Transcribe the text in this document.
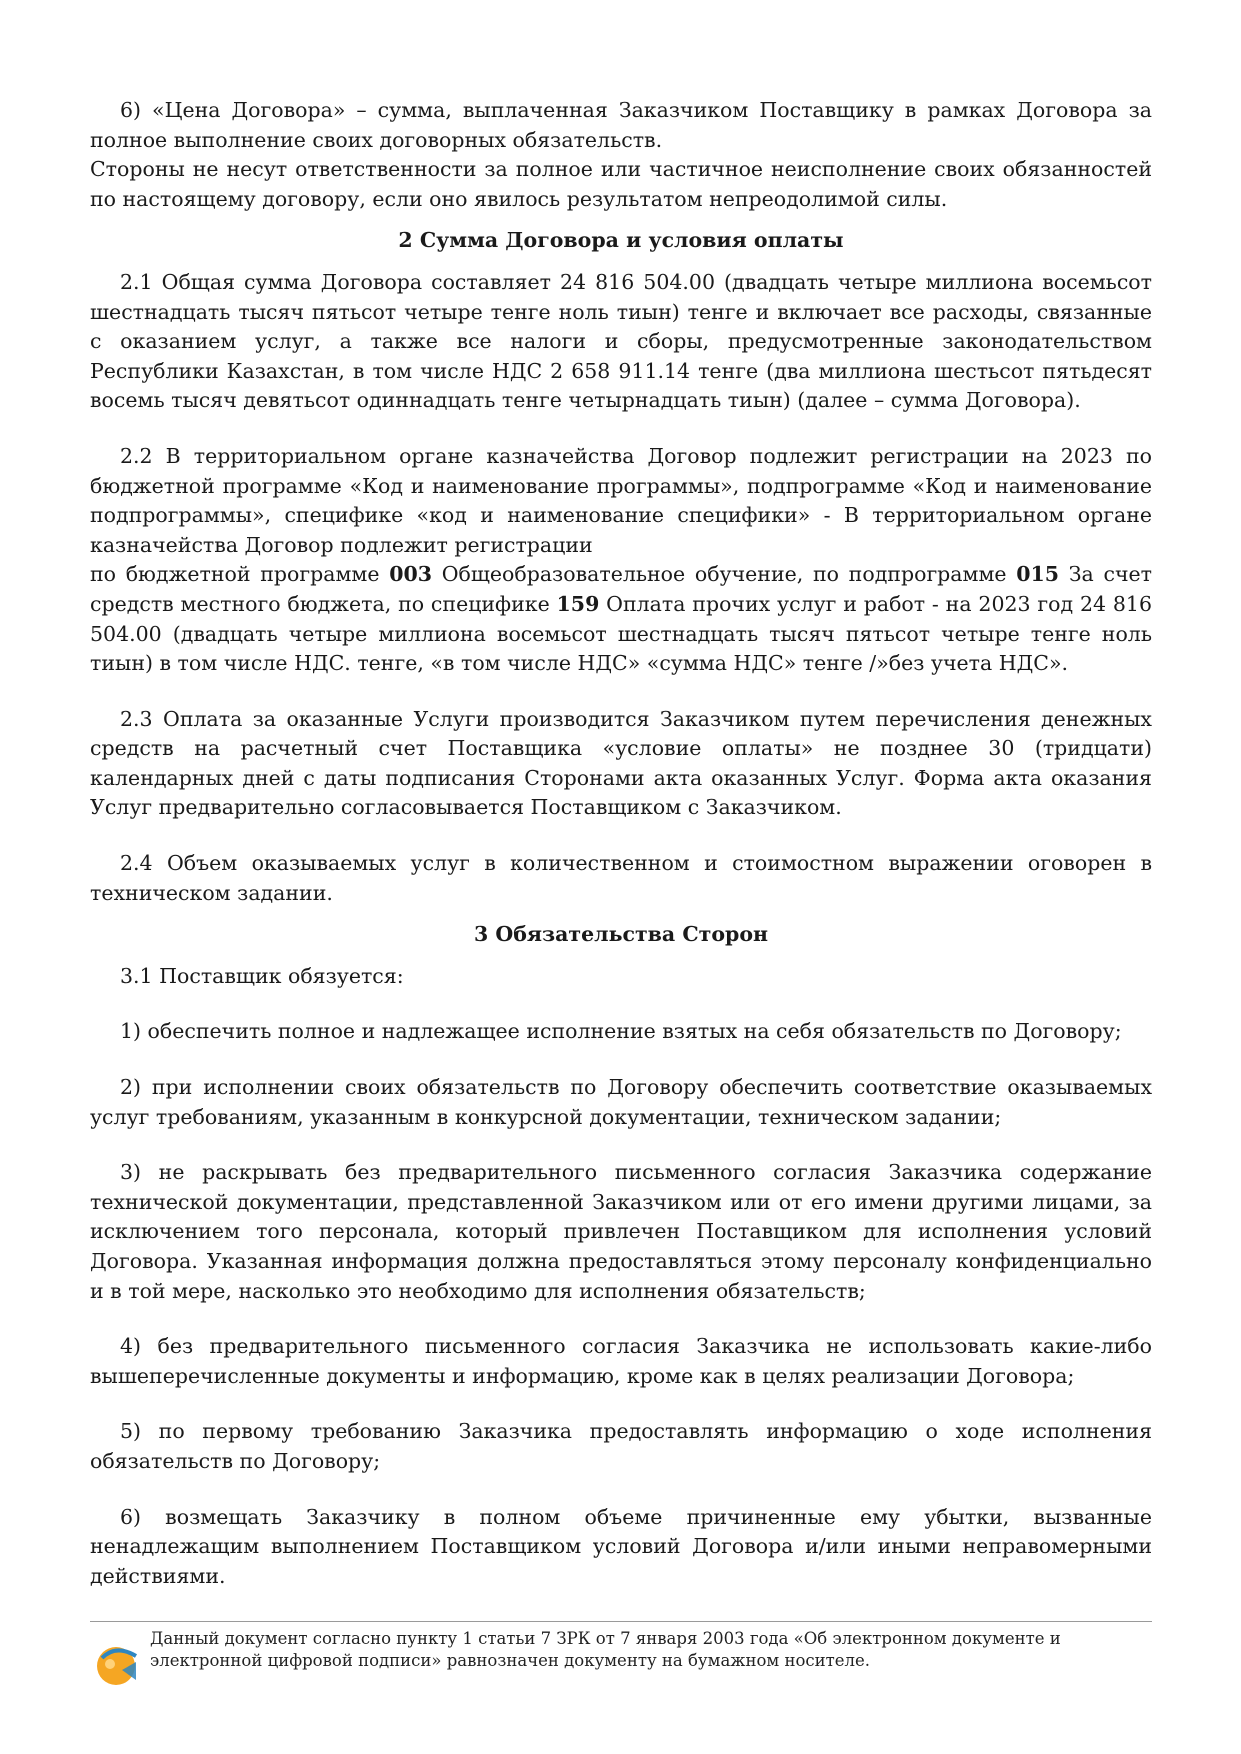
6) «Цена Договора» – сумма, выплаченная Заказчиком Поставщику в рамках Договора за полное выполнение своих договорных обязательств.

Стороны не несут ответственности за полное или частичное неисполнение своих обязанностей по настоящему договору, если оно явилось результатом непреодолимой силы.

2 Сумма Договора и условия оплаты

2.1 Общая сумма Договора составляет 24 816 504.00 (двадцать четыре миллиона восемьсот шестнадцать тысяч пятьсот четыре тенге ноль тиын) тенге и включает все расходы, связанные с оказанием услуг, а также все налоги и сборы, предусмотренные законодательством Республики Казахстан, в том числе НДС 2 658 911.14 тенге (два миллиона шестьсот пятьдесят восемь тысяч девятьсот одиннадцать тенге четырнадцать тиын) (далее – сумма Договора).

2.2 В территориальном органе казначейства Договор подлежит регистрации на 2023 по бюджетной программе «Код и наименование программы», подпрограмме «Код и наименование подпрограммы», специфике «код и наименование специфики» - В территориальном органе казначейства Договор подлежит регистрации

по бюджетной программе 003 Общеобразовательное обучение, по подпрограмме 015 За счет средств местного бюджета, по специфике 159 Оплата прочих услуг и работ - на 2023 год 24 816 504.00 (двадцать четыре миллиона восемьсот шестнадцать тысяч пятьсот четыре тенге ноль тиын) в том числе НДС. тенге, «в том числе НДС» «сумма НДС» тенге /»без учета НДС».

2.3 Оплата за оказанные Услуги производится Заказчиком путем перечисления денежных средств на расчетный счет Поставщика «условие оплаты» не позднее 30 (тридцати) календарных дней с даты подписания Сторонами акта оказанных Услуг. Форма акта оказания Услуг предварительно согласовывается Поставщиком с Заказчиком.

2.4 Объем оказываемых услуг в количественном и стоимостном выражении оговорен в техническом задании.

3 Обязательства Сторон

3.1 Поставщик обязуется:

1) обеспечить полное и надлежащее исполнение взятых на себя обязательств по Договору;

2) при исполнении своих обязательств по Договору обеспечить соответствие оказываемых услуг требованиям, указанным в конкурсной документации, техническом задании;

3) не раскрывать без предварительного письменного согласия Заказчика содержание технической документации, представленной Заказчиком или от его имени другими лицами, за исключением того персонала, который привлечен Поставщиком для исполнения условий Договора. Указанная информация должна предоставляться этому персоналу конфиденциально и в той мере, насколько это необходимо для исполнения обязательств;

4) без предварительного письменного согласия Заказчика не использовать какие-либо вышеперечисленные документы и информацию, кроме как в целях реализации Договора;

5) по первому требованию Заказчика предоставлять информацию о ходе исполнения обязательств по Договору;

6) возмещать Заказчику в полном объеме причиненные ему убытки, вызванные ненадлежащим выполнением Поставщиком условий Договора и/или иными неправомерными действиями.

Данный документ согласно пункту 1 статьи 7 ЗРК от 7 января 2003 года «Об электронном документе и электронной цифровой подписи» равнозначен документу на бумажном носителе.
